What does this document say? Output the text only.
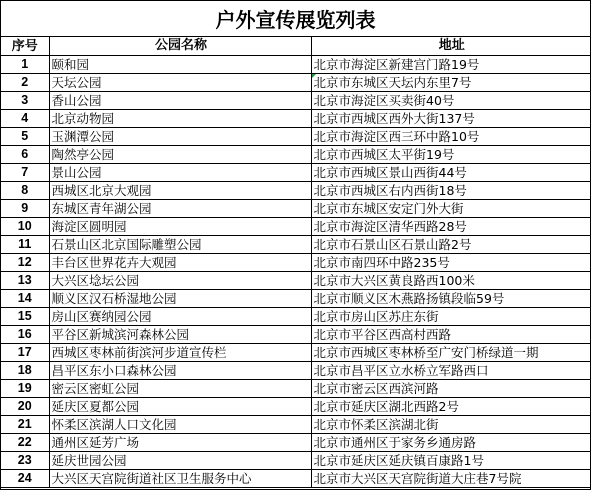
户外宣传展览列表
序号	公园名称	地址
1	颐和园	北京市海淀区新建宫门路19号
2	天坛公园	北京市东城区天坛内东里7号
3	香山公园	北京市海淀区买卖街40号
4	北京动物园	北京市西城区西外大街137号
5	玉渊潭公园	北京市海淀区西三环中路10号
6	陶然亭公园	北京市西城区太平街19号
7	景山公园	北京市西城区景山西街44号
8	西城区北京大观园	北京市西城区右内西街18号
9	东城区青年湖公园	北京市东城区安定门外大街
10	海淀区圆明园	北京市海淀区清华西路28号
11	石景山区北京国际雕塑公园	北京市石景山区石景山路2号
12	丰台区世界花卉大观园	北京市南四环中路235号
13	大兴区埝坛公园	北京市大兴区黄良路西100米
14	顺义区汉石桥湿地公园	北京市顺义区木燕路扬镇段临59号
15	房山区赛纳园公园	北京市房山区苏庄东街
16	平谷区新城滨河森林公园	北京市平谷区西高村西路
17	西城区枣林前街滨河步道宣传栏	北京市西城区枣林桥至广安门桥绿道一期
18	昌平区东小口森林公园	北京市昌平区立水桥立军路西口
19	密云区密虹公园	北京市密云区西滨河路
20	延庆区夏都公园	北京市延庆区湖北西路2号
21	怀柔区滨湖人口文化园	北京市怀柔区滨湖北街
22	通州区延芳广场	北京市通州区于家务乡通房路
23	延庆世园公园	北京市延庆区延庆镇百康路1号
24	大兴区天宫院街道社区卫生服务中心	北京市大兴区天宫院街道大庄巷7号院
